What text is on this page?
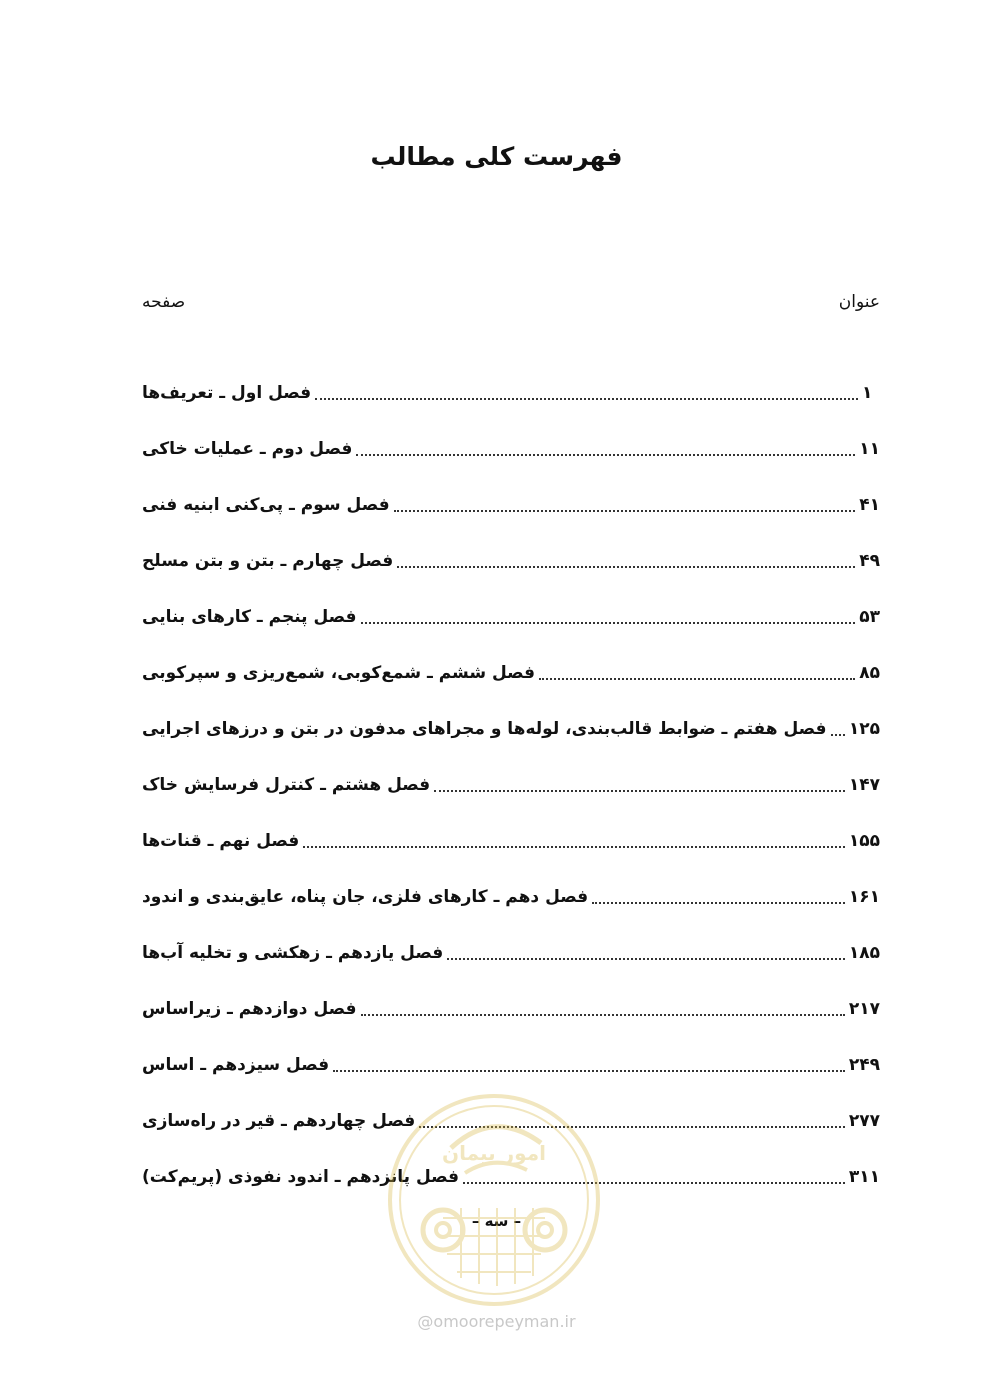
فهرست کلی مطالب
عنوان
صفحه
فصل اول ـ تعریف‌ها	۱
فصل دوم ـ عملیات خاکی	۱۱
فصل سوم ـ پی‌کنی ابنیه فنی	۴۱
فصل چهارم ـ بتن و بتن مسلح	۴۹
فصل پنجم ـ کارهای بنایی	۵۳
فصل ششم ـ شمع‌کوبی، شمع‌ریزی و سپرکوبی	۸۵
فصل هفتم ـ ضوابط قالب‌بندی، لوله‌ها و مجراهای مدفون در بتن و درزهای اجرایی ۱۲۵
فصل هشتم ـ کنترل فرسایش خاک	۱۴۷
فصل نهم ـ قنات‌ها	۱۵۵
فصل دهم ـ کارهای فلزی، جان پناه، عایق‌بندی و اندود	۱۶۱
فصل یازدهم ـ زهکشی و تخلیه آب‌ها	۱۸۵
فصل دوازدهم ـ زیراساس	۲۱۷
فصل سیزدهم ـ اساس	۲۴۹
فصل چهاردهم ـ قیر در راه‌سازی	۲۷۷
فصل پانزدهم ـ اندود نفوذی (پریم‌کت)	۳۱۱
– سه –
امور پیمان
@omoorepeyman.ir
